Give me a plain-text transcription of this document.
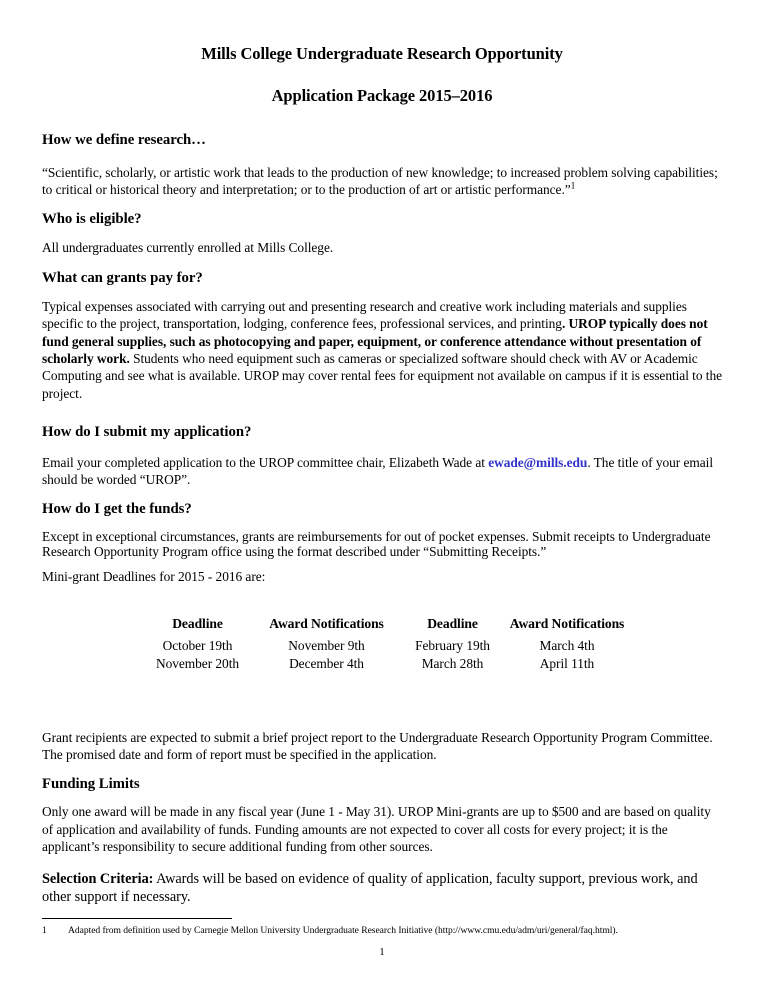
Mills College Undergraduate Research Opportunity
Application Package 2015–2016
How we define research…

“Scientific, scholarly, or artistic work that leads to the production of new knowledge; to increased problem solving capabilities; to critical or historical theory and interpretation; or to the production of art or artistic performance.”$^1$

Who is eligible?

All undergraduates currently enrolled at Mills College.

What can grants pay for?

Typical expenses associated with carrying out and presenting research and creative work including materials and supplies specific to the project, transportation, lodging, conference fees, professional services, and printing. UROP typically does not fund general supplies, such as photocopying and paper, equipment, or conference attendance without presentation of scholarly work. Students who need equipment such as cameras or specialized software should check with AV or Academic Computing and see what is available. UROP may cover rental fees for equipment not available on campus if it is essential to the project.

How do I submit my application?

Email your completed application to the UROP committee chair, Elizabeth Wade at ewade@mills.edu. The title of your email should be worded “UROP”.

How do I get the funds?

Except in exceptional circumstances, grants are reimbursements for out of pocket expenses. Submit receipts to Undergraduate Research Opportunity Program office using the format described under “Submitting Receipts.”

Mini-grant Deadlines for 2015 - 2016 are:

Deadline	Award Notifications	Deadline	Award Notifications
October 19th	November 9th	February 19th	March 4th
November 20th	December 4th	March 28th	April 11th

Grant recipients are expected to submit a brief project report to the Undergraduate Research Opportunity Program Committee. The promised date and form of report must be specified in the application.

Funding Limits

Only one award will be made in any fiscal year (June 1 - May 31). UROP Mini-grants are up to $500 and are based on quality of application and availability of funds. Funding amounts are not expected to cover all costs for every project; it is the applicant’s responsibility to secure additional funding from other sources.

Selection Criteria: Awards will be based on evidence of quality of application, faculty support, previous work, and other support if necessary.

1 Adapted from definition used by Carnegie Mellon University Undergraduate Research Initiative (http://www.cmu.edu/adm/uri/general/faq.html).
1
